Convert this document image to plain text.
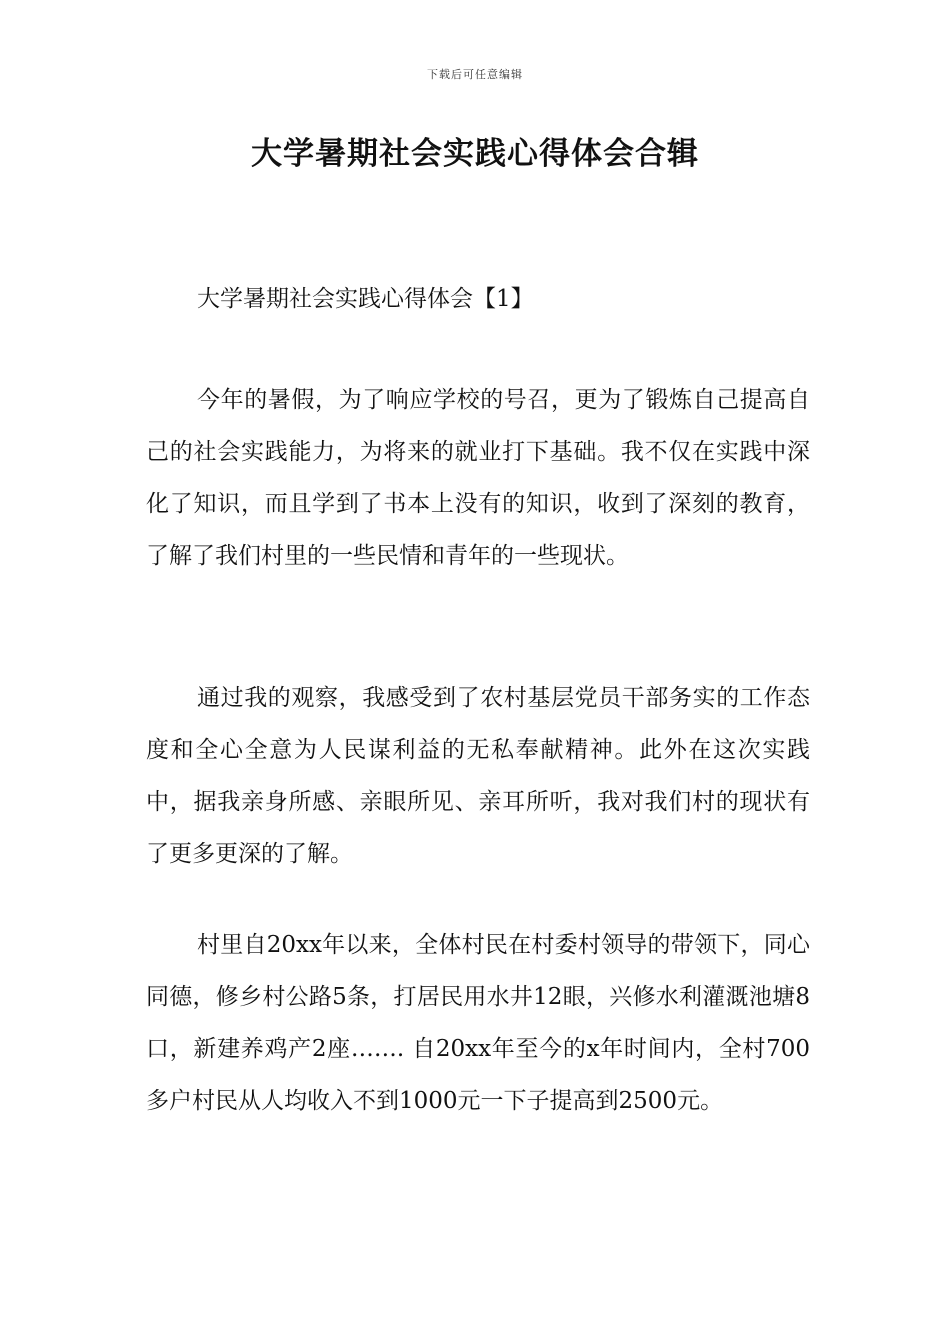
下载后可任意编辑
大学暑期社会实践心得体会合辑
大学暑期社会实践心得体会【1】

今年的暑假，为了响应学校的号召，更为了锻炼自己提高自己的社会实践能力，为将来的就业打下基础。我不仅在实践中深化了知识，而且学到了书本上没有的知识，收到了深刻的教育，了解了我们村里的一些民情和青年的一些现状。

通过我的观察，我感受到了农村基层党员干部务实的工作态度和全心全意为人民谋利益的无私奉献精神。此外在这次实践中，据我亲身所感、亲眼所见、亲耳所听，我对我们村的现状有了更多更深的了解。

村里自20xx年以来，全体村民在村委村领导的带领下，同心同德，修乡村公路5条，打居民用水井12眼，兴修水利灌溉池塘8口，新建养鸡产2座……. 自20xx年至今的x年时间内，全村700多户村民从人均收入不到1000元一下子提高到2500元。
